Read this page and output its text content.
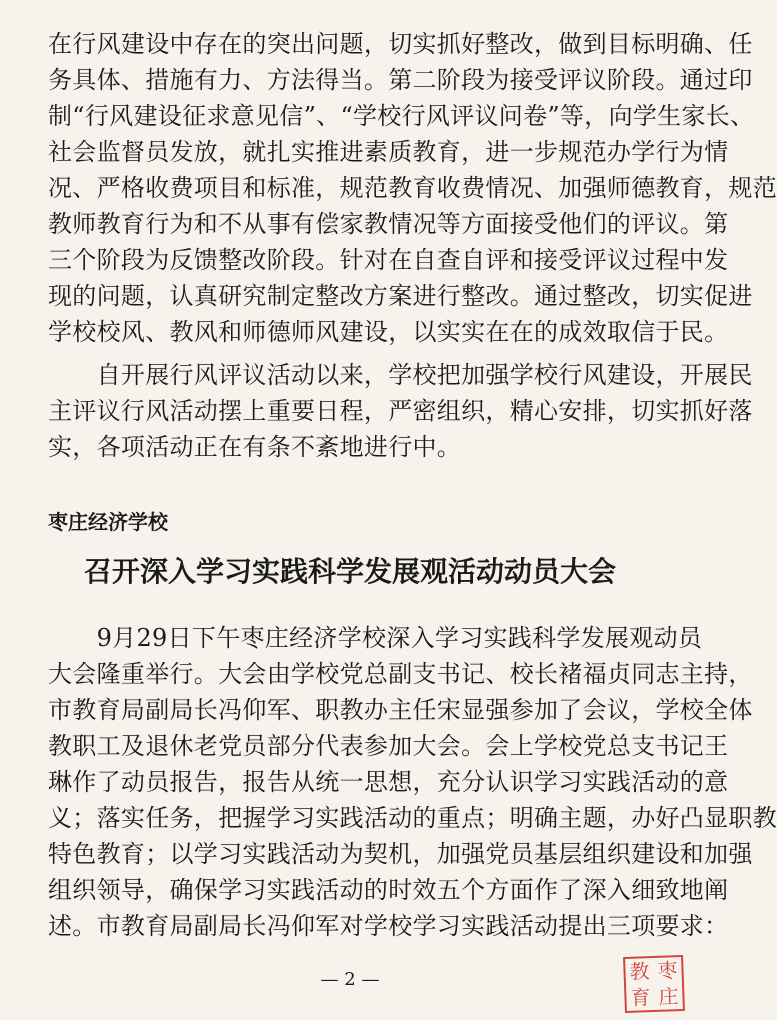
在行风建设中存在的突出问题，切实抓好整改，做到目标明确、任
务具体、措施有力、方法得当。第二阶段为接受评议阶段。通过印
制“行风建设征求意见信”、“学校行风评议问卷”等，向学生家长、
社会监督员发放，就扎实推进素质教育，进一步规范办学行为情
况、严格收费项目和标准，规范教育收费情况、加强师德教育，规范
教师教育行为和不从事有偿家教情况等方面接受他们的评议。第
三个阶段为反馈整改阶段。针对在自查自评和接受评议过程中发
现的问题，认真研究制定整改方案进行整改。通过整改，切实促进
学校校风、教风和师德师风建设，以实实在在的成效取信于民。
　　自开展行风评议活动以来，学校把加强学校行风建设，开展民
主评议行风活动摆上重要日程，严密组织，精心安排，切实抓好落
实，各项活动正在有条不紊地进行中。
枣庄经济学校
召开深入学习实践科学发展观活动动员大会
　　9月29日下午枣庄经济学校深入学习实践科学发展观动员
大会隆重举行。大会由学校党总副支书记、校长褚福贞同志主持，
市教育局副局长冯仰军、职教办主任宋显强参加了会议，学校全体
教职工及退休老党员部分代表参加大会。会上学校党总支书记王
琳作了动员报告，报告从统一思想，充分认识学习实践活动的意
义；落实任务，把握学习实践活动的重点；明确主题，办好凸显职教
特色教育；以学习实践活动为契机，加强党员基层组织建设和加强
组织领导，确保学习实践活动的时效五个方面作了深入细致地阐
述。市教育局副局长冯仰军对学校学习实践活动提出三项要求：
— 2 —	教 枣
育 庄
